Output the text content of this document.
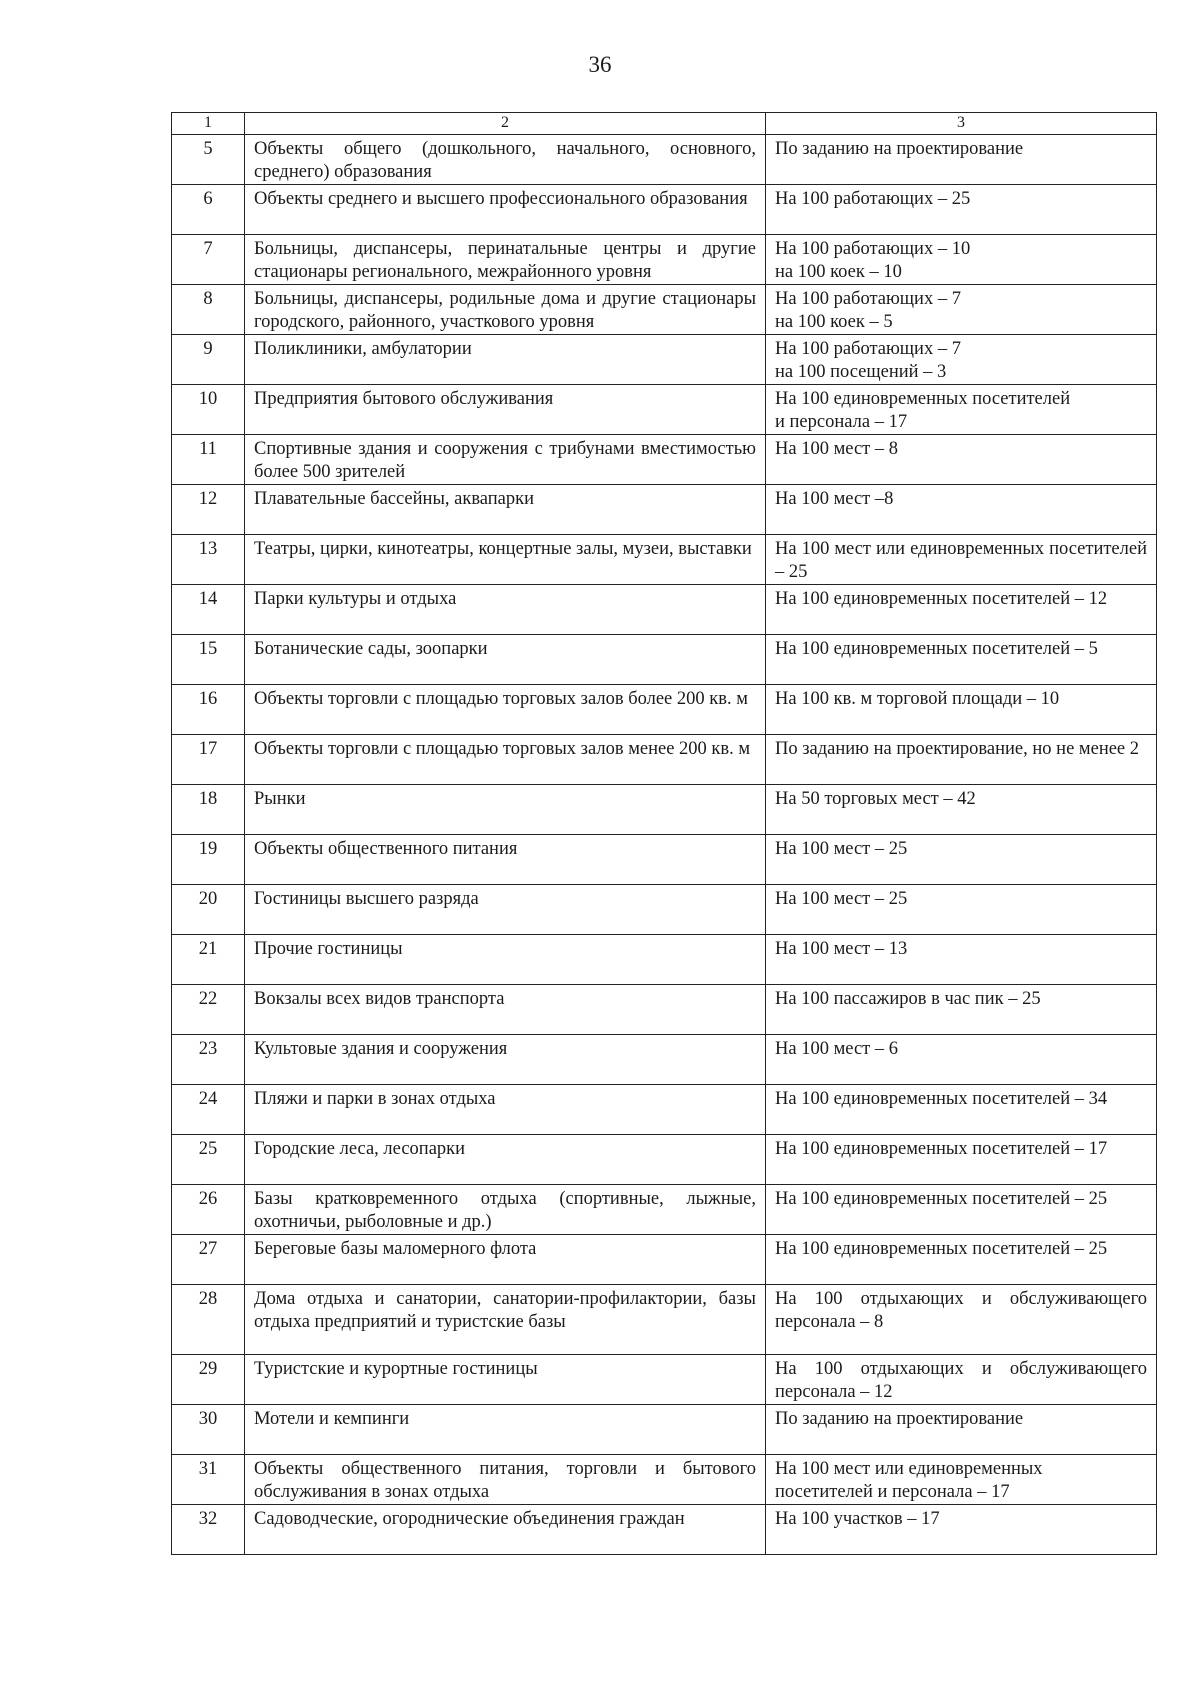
36
1	2	3
5	Объекты общего (дошкольного, начального, основного, среднего) образования	По заданию на проектирование

6	Объекты среднего и высшего профессионального образования	На 100 работающих – 25

7	Больницы, диспансеры, перинатальные центры и другие стационары регионального, межрайонного уровня	На 100 работающих – 10
на 100 коек – 10

8	Больницы, диспансеры, родильные дома и другие стационары городского, районного, участкового уровня	На 100 работающих – 7
на 100 коек – 5

9	Поликлиники, амбулатории	На 100 работающих – 7
на 100 посещений – 3

10	Предприятия бытового обслуживания	На 100 единовременных посетителей
и персонала – 17

11	Спортивные здания и сооружения с трибунами вместимостью более 500 зрителей	На 100 мест – 8

12	Плавательные бассейны, аквапарки	На 100 мест –8

13	Театры, цирки, кинотеатры, концертные залы, музеи, выставки	На 100 мест или единовременных посетителей – 25

14	Парки культуры и отдыха	На 100 единовременных посетителей – 12

15	Ботанические сады, зоопарки	На 100 единовременных посетителей – 5

16	Объекты торговли с площадью торговых залов более 200 кв. м	На 100 кв. м торговой площади – 10

17	Объекты торговли с площадью торговых залов менее 200 кв. м	По заданию на проектирование, но не менее 2

18	Рынки	На 50 торговых мест – 42

19	Объекты общественного питания	На 100 мест – 25

20	Гостиницы высшего разряда	На 100 мест – 25

21	Прочие гостиницы	На 100 мест – 13

22	Вокзалы всех видов транспорта	На 100 пассажиров в час пик – 25

23	Культовые здания и сооружения	На 100 мест – 6

24	Пляжи и парки в зонах отдыха	На 100 единовременных посетителей – 34

25	Городские леса, лесопарки	На 100 единовременных посетителей – 17

26	Базы кратковременного отдыха (спортивные, лыжные, охотничьи, рыболовные и др.)	На 100 единовременных посетителей – 25

27	Береговые базы маломерного флота	На 100 единовременных посетителей – 25

28	Дома отдыха и санатории, санатории-профилактории, базы отдыха предприятий и туристские базы	На 100 отдыхающих и обслуживающего персонала – 8

29	Туристские и курортные гостиницы	На 100 отдыхающих и обслуживающего персонала – 12

30	Мотели и кемпинги	По заданию на проектирование

31	Объекты общественного питания, торговли и бытового обслуживания в зонах отдыха	На 100 мест или единовременных
посетителей и персонала – 17

32	Садоводческие, огороднические объединения граждан	На 100 участков – 17
